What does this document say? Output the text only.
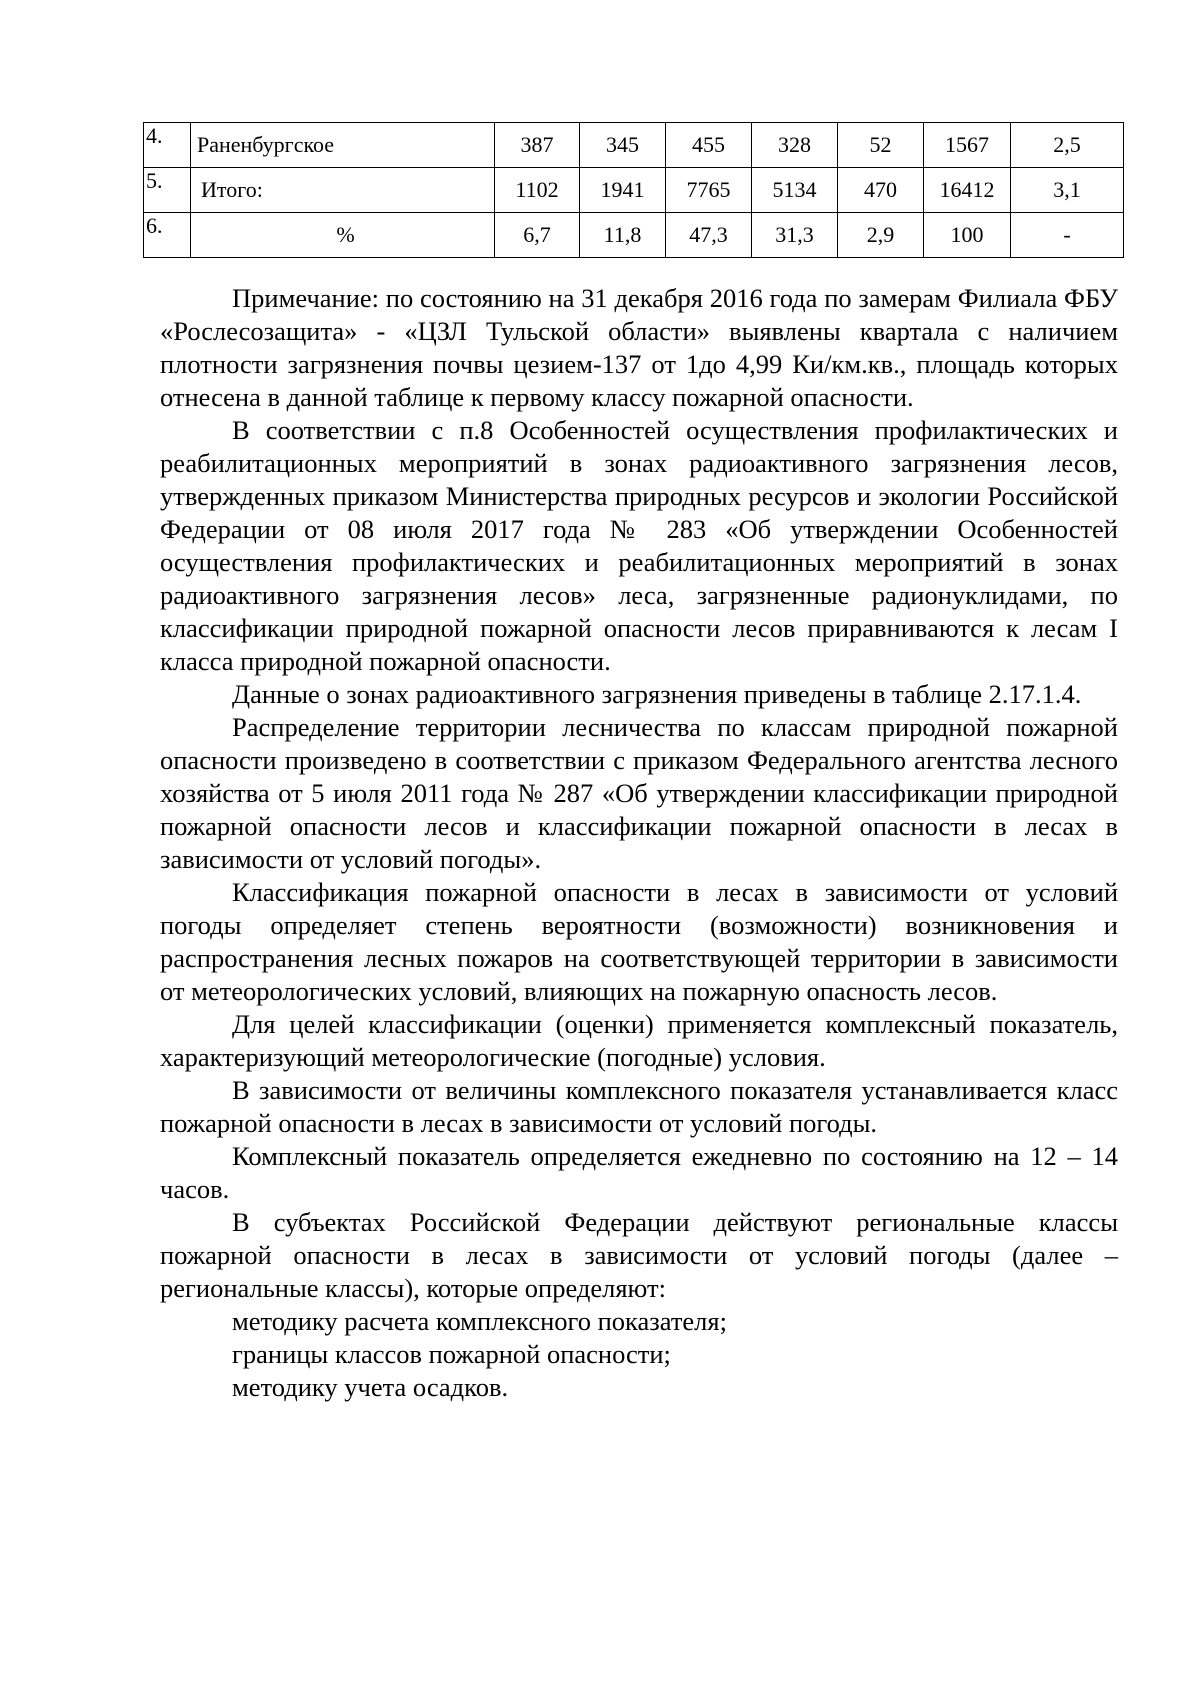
4.	Раненбургское	387	345	455	328	52	1567	2,5
5.	Итого:	1102	1941	7765	5134	470	16412	3,1
6.	%	6,7	11,8	47,3	31,3	2,9	100	-

Примечание: по состоянию на 31 декабря 2016 года по замерам Филиала ФБУ «Рослесозащита» - «ЦЗЛ Тульской области» выявлены квартала с наличием плотности загрязнения почвы цезием-137 от 1до 4,99 Ки/км.кв., площадь которых отнесена в данной таблице к первому классу пожарной опасности.

В соответствии с п.8 Особенностей осуществления профилактических и реабилитационных мероприятий в зонах радиоактивного загрязнения лесов, утвержденных приказом Министерства природных ресурсов и экологии Российской Федерации от 08 июля 2017 года № 283 «Об утверждении Особенностей осуществления профилактических и реабилитационных мероприятий в зонах радиоактивного загрязнения лесов» леса, загрязненные радионуклидами, по классификации природной пожарной опасности лесов приравниваются к лесам I класса природной пожарной опасности.

Данные о зонах радиоактивного загрязнения приведены в таблице 2.17.1.4.

Распределение территории лесничества по классам природной пожарной опасности произведено в соответствии с приказом Федерального агентства лесного хозяйства от 5 июля 2011 года № 287 «Об утверждении классификации природной пожарной опасности лесов и классификации пожарной опасности в лесах в зависимости от условий погоды».

Классификация пожарной опасности в лесах в зависимости от условий погоды определяет степень вероятности (возможности) возникновения и распространения лесных пожаров на соответствующей территории в зависимости от метеорологических условий, влияющих на пожарную опасность лесов.

Для целей классификации (оценки) применяется комплексный показатель, характеризующий метеорологические (погодные) условия.

В зависимости от величины комплексного показателя устанавливается класс пожарной опасности в лесах в зависимости от условий погоды.

Комплексный показатель определяется ежедневно по состоянию на 12 – 14 часов.

В субъектах Российской Федерации действуют региональные классы пожарной опасности в лесах в зависимости от условий погоды (далее – региональные классы), которые определяют:

методику расчета комплексного показателя;

границы классов пожарной опасности;

методику учета осадков.
